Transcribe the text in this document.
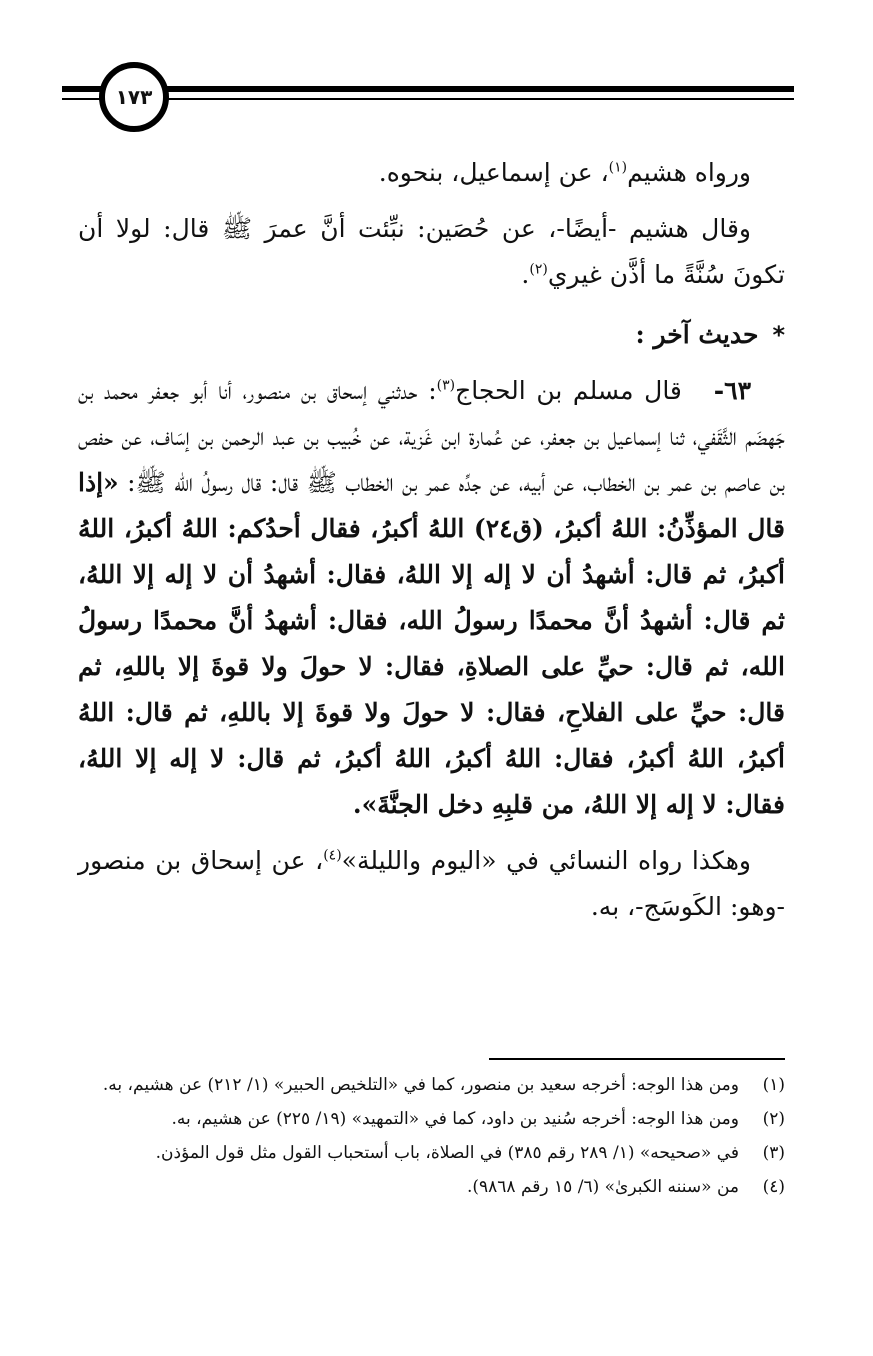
١٧٣

ورواه هشيم$^{(١)}$، عن إسماعيل، بنحوه.

وقال هشيم -أيضًا-، عن حُصَين: نبِّئت أنَّ عمرَ ﷺ قال: لولا أن تكونَ سُنَّةً ما أذَّن غيري$^{(٢)}$.

*حديث آخر :

٦٣-   قال مسلم بن الحجاج$^{(٣)}$: حدثني إسحاق بن منصور، أنا أبو جعفر محمد بن جَهضَم الثَّقَفي، ثنا إسماعيل بن جعفر، عن عُمارة ابن غَزية، عن خُبيب بن عبد الرحمن بن إسَاف، عن حفص بن عاصم بن عمر بن الخطاب، عن أبيه، عن جدِّه عمر بن الخطاب ﷺ قال: قال رسولُ الله ﷺ: «إذا قال المؤذِّنُ: اللهُ أكبرُ، (ق٢٤) اللهُ أكبرُ، فقال أحدُكم: اللهُ أكبرُ، اللهُ أكبرُ، ثم قال: أشهدُ أن لا إله إلا اللهُ، فقال: أشهدُ أن لا إله إلا اللهُ، ثم قال: أشهدُ أنَّ محمدًا رسولُ الله، فقال: أشهدُ أنَّ محمدًا رسولُ الله، ثم قال: حيِّ على الصلاةِ، فقال: لا حولَ ولا قوةَ إلا باللهِ، ثم قال: حيِّ على الفلاحِ، فقال: لا حولَ ولا قوةَ إلا باللهِ، ثم قال: اللهُ أكبرُ، اللهُ أكبرُ، فقال: اللهُ أكبرُ، اللهُ أكبرُ، ثم قال: لا إله إلا اللهُ، فقال: لا إله إلا اللهُ، من قلبِهِ دخل الجنَّةَ».

وهكذا رواه النسائي في «اليوم والليلة»$^{(٤)}$، عن إسحاق بن منصور -وهو: الكَوسَج-، به.

(١)
ومن هذا الوجه: أخرجه سعيد بن منصور، كما في «التلخيص الحبير» (١/ ٢١٢) عن هشيم، به.
(٢)
ومن هذا الوجه: أخرجه سُنيد بن داود، كما في «التمهيد» (١٩/ ٢٢٥) عن هشيم، به.
(٣)
في «صحيحه» (١/ ٢٨٩ رقم ٣٨٥) في الصلاة، باب أستحباب القول مثل قول المؤذن.
(٤)
من «سننه الكبرىٰ» (٦/ ١٥ رقم ٩٨٦٨).
